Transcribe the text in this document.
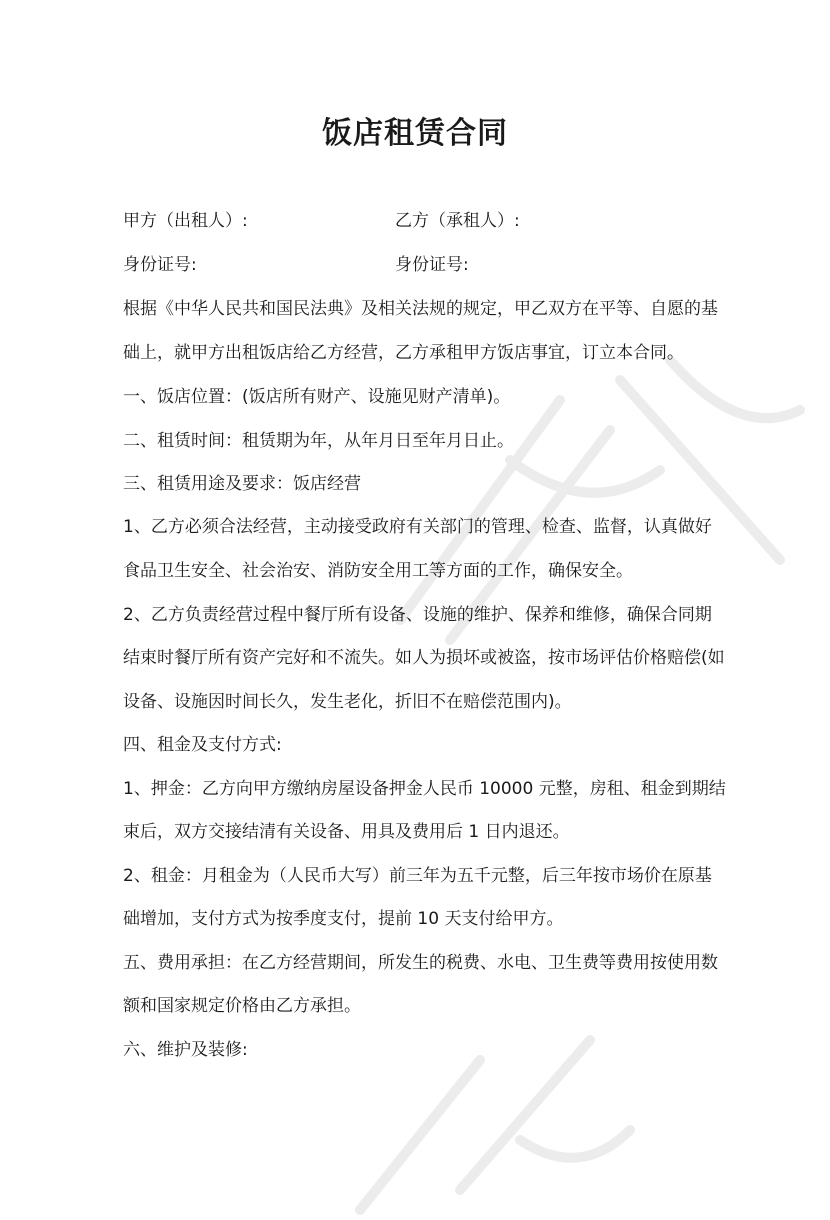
饭店租赁合同
甲方（出租人）:	乙方（承租人）:
身份证号:	身份证号:
根据《中华人民共和国民法典》及相关法规的规定，甲乙双方在平等、自愿的基
础上，就甲方出租饭店给乙方经营，乙方承租甲方饭店事宜，订立本合同。
一、饭店位置：(饭店所有财产、设施见财产清单)。
二、租赁时间：租赁期为年，从年月日至年月日止。
三、租赁用途及要求：饭店经营
1、乙方必须合法经营，主动接受政府有关部门的管理、检查、监督，认真做好
食品卫生安全、社会治安、消防安全用工等方面的工作，确保安全。
2、乙方负责经营过程中餐厅所有设备、设施的维护、保养和维修，确保合同期
结束时餐厅所有资产完好和不流失。如人为损坏或被盗，按市场评估价格赔偿(如
设备、设施因时间长久，发生老化，折旧不在赔偿范围内)。
四、租金及支付方式:
1、押金：乙方向甲方缴纳房屋设备押金人民币 10000 元整，房租、租金到期结
束后，双方交接结清有关设备、用具及费用后 1 日内退还。
2、租金：月租金为（人民币大写）前三年为五千元整，后三年按市场价在原基
础增加，支付方式为按季度支付，提前 10 天支付给甲方。
五、费用承担：在乙方经营期间，所发生的税费、水电、卫生费等费用按使用数
额和国家规定价格由乙方承担。
六、维护及装修:
